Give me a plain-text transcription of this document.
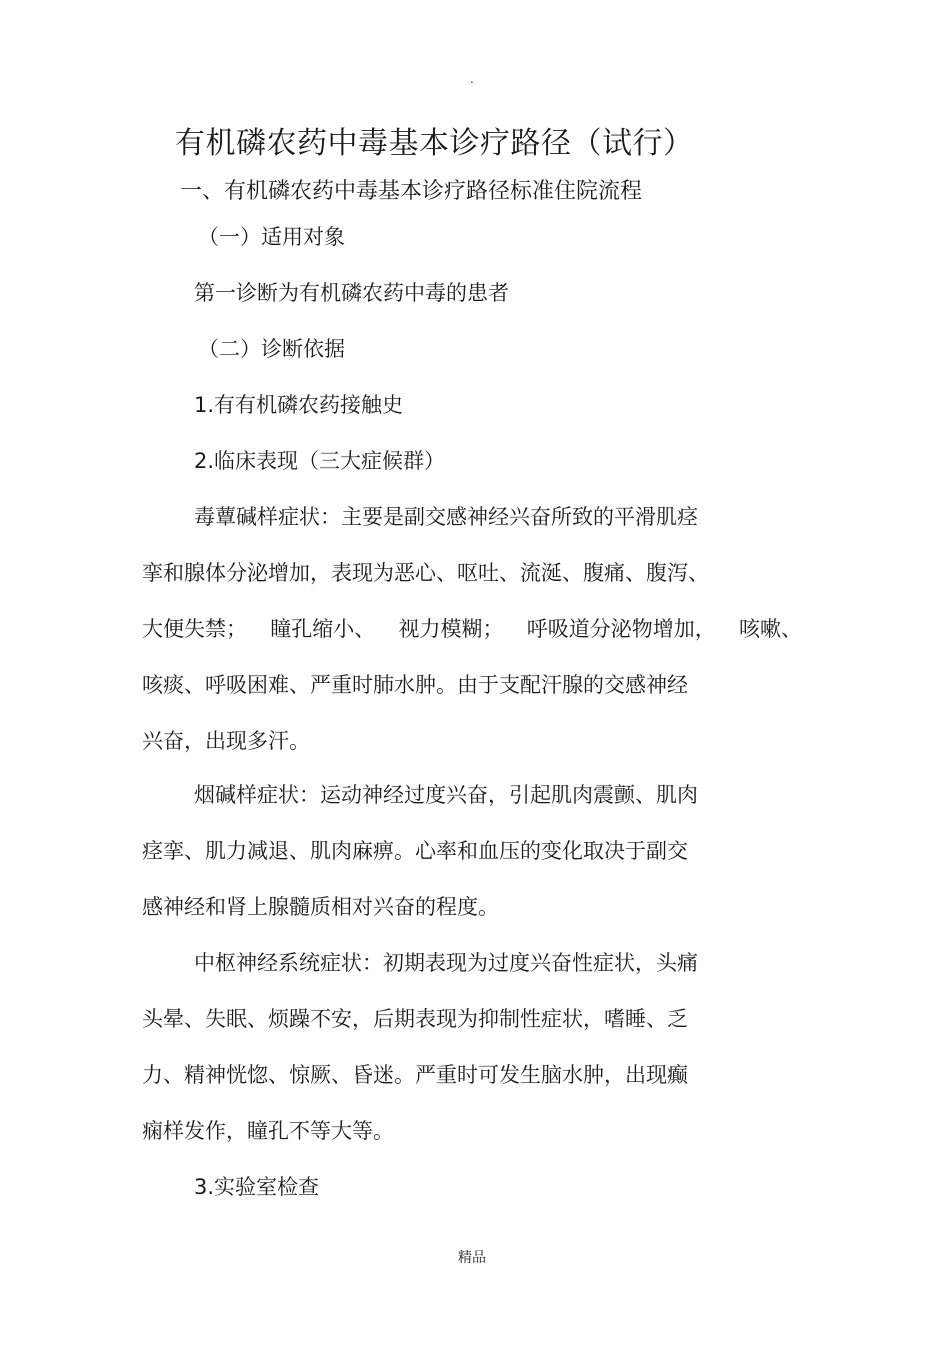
.
有机磷农药中毒基本诊疗路径（试行）
一、有机磷农药中毒基本诊疗路径标准住院流程
（一）适用对象
第一诊断为有机磷农药中毒的患者
（二）诊断依据
1.有有机磷农药接触史
2.临床表现（三大症候群）
毒蕈碱样症状：主要是副交感神经兴奋所致的平滑肌痉
挛和腺体分泌增加，表现为恶心、呕吐、流涎、腹痛、腹泻、
大便失禁； 瞳孔缩小、 视力模糊； 呼吸道分泌物增加， 咳嗽、
咳痰、呼吸困难、严重时肺水肿。由于支配汗腺的交感神经
兴奋，出现多汗。
烟碱样症状：运动神经过度兴奋，引起肌肉震颤、肌肉
痉挛、肌力减退、肌肉麻痹。心率和血压的变化取决于副交
感神经和肾上腺髓质相对兴奋的程度。
中枢神经系统症状：初期表现为过度兴奋性症状，头痛
头晕、失眠、烦躁不安，后期表现为抑制性症状，嗜睡、乏
力、精神恍惚、惊厥、昏迷。严重时可发生脑水肿，出现癫
痫样发作，瞳孔不等大等。
3.实验室检查
精品
